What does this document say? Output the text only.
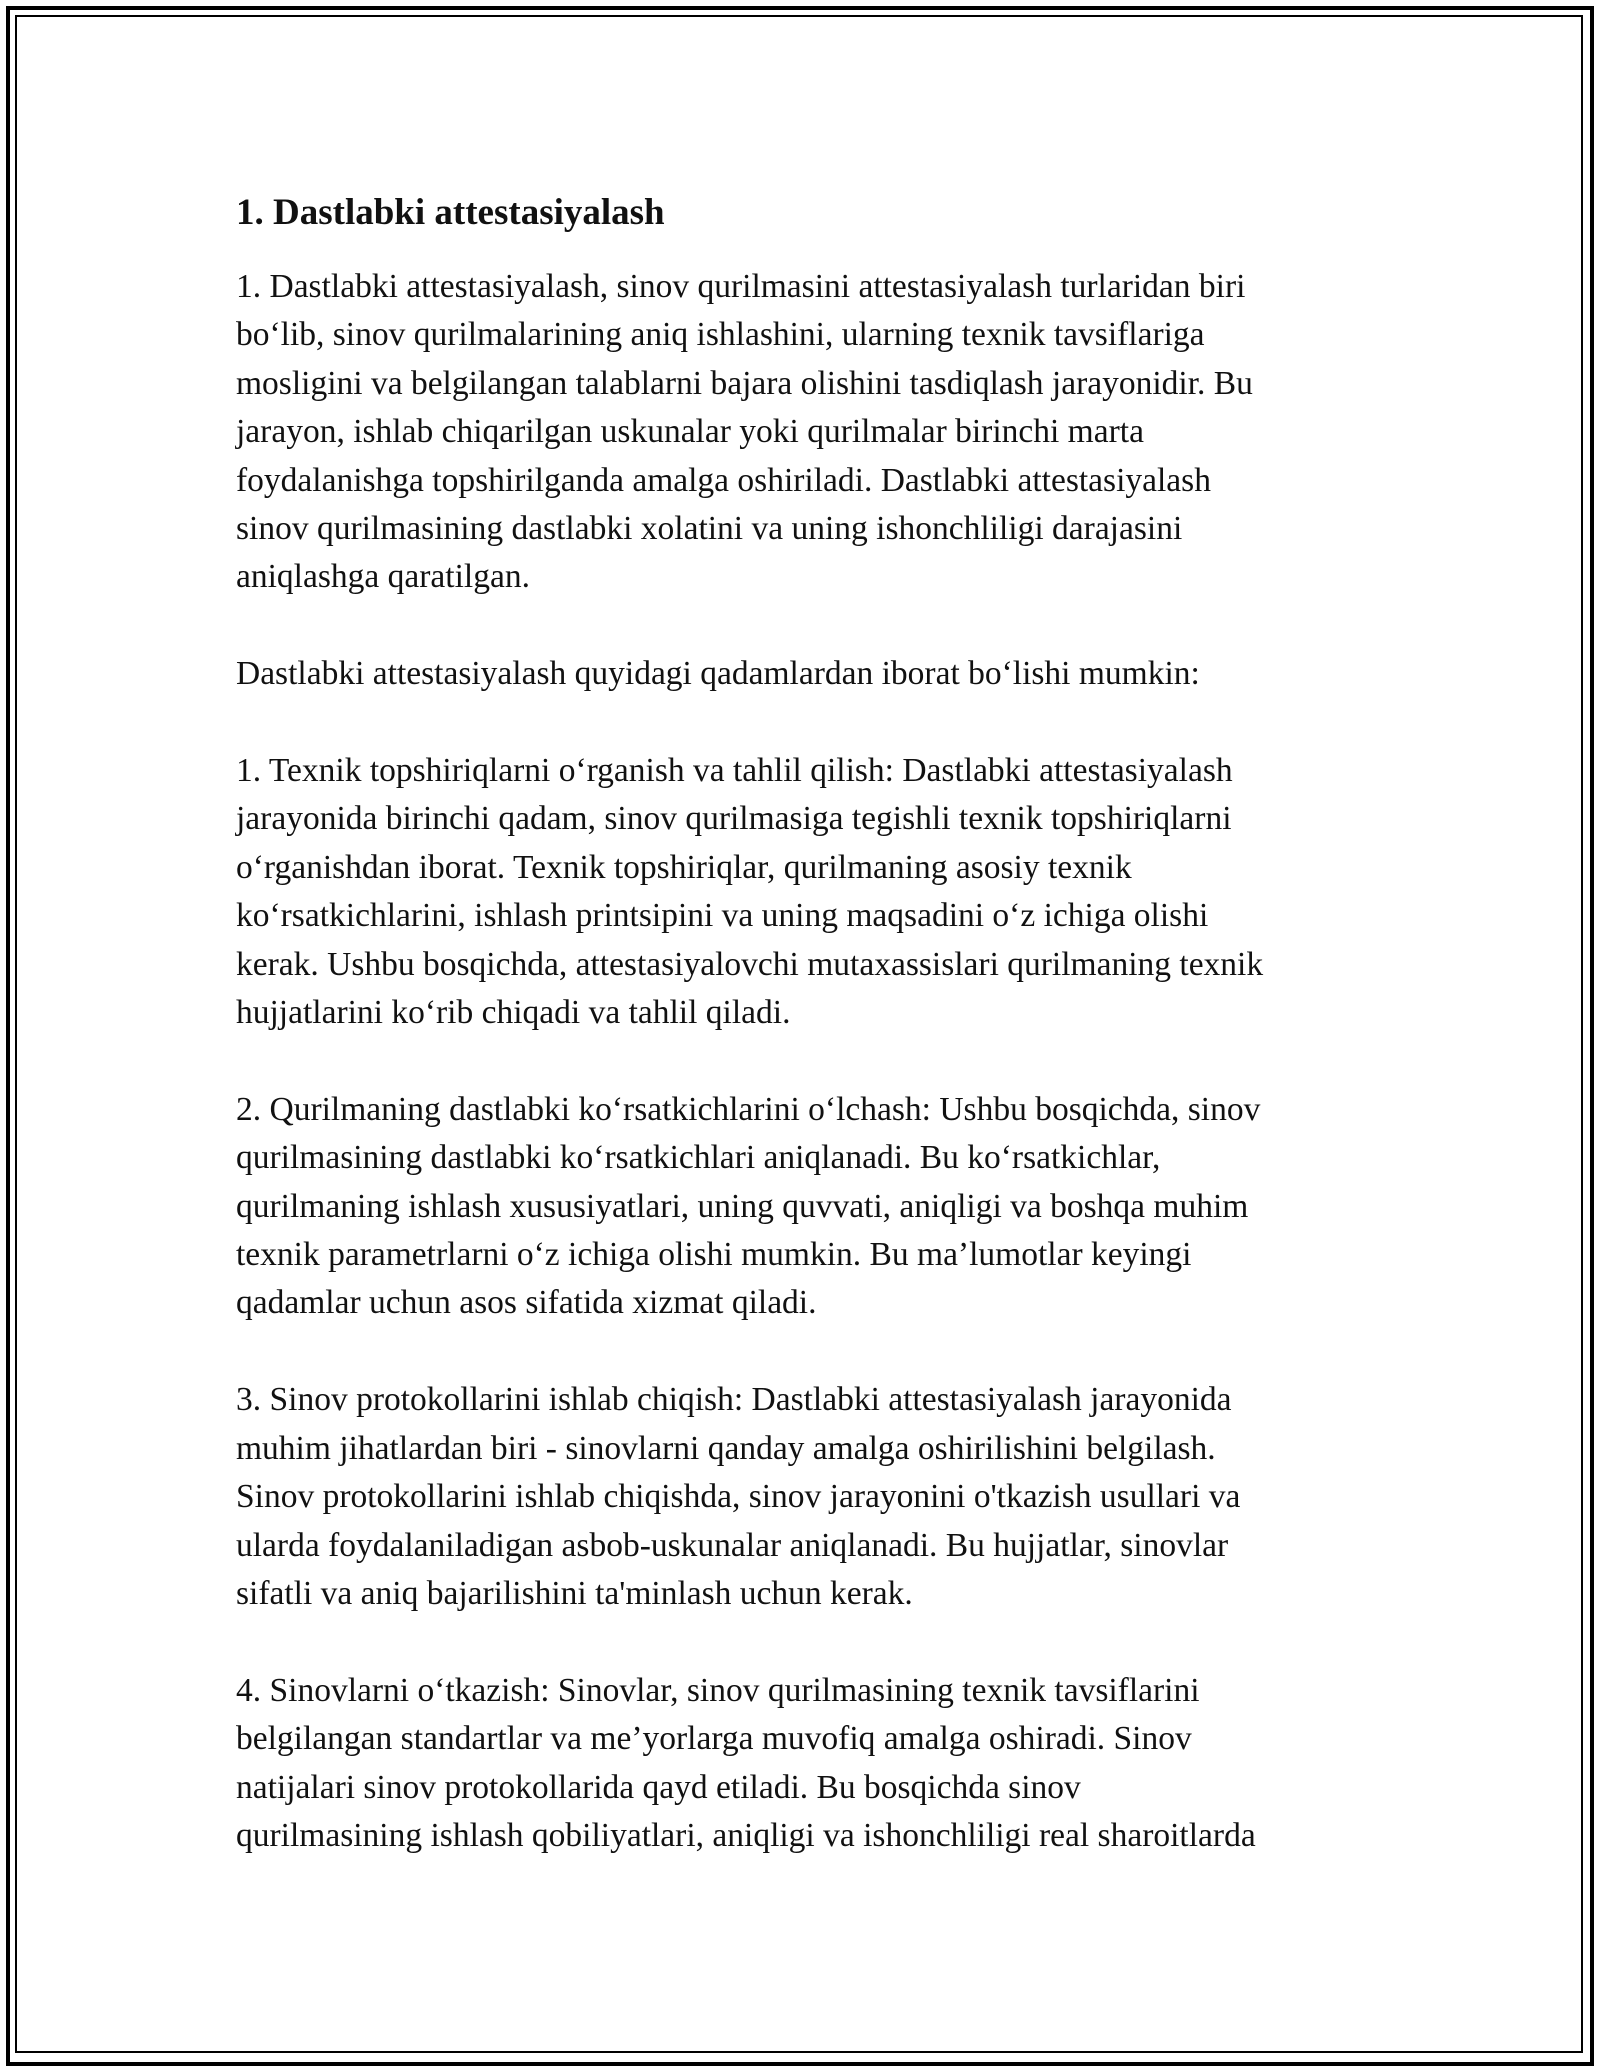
1. Dastlabki attestasiyalash

1. Dastlabki attestasiyalash, sinov qurilmasini attestasiyalash turlaridan biri
bo‘lib, sinov qurilmalarining aniq ishlashini, ularning texnik tavsiflariga
mosligini va belgilangan talablarni bajara olishini tasdiqlash jarayonidir. Bu
jarayon, ishlab chiqarilgan uskunalar yoki qurilmalar birinchi marta
foydalanishga topshirilganda amalga oshiriladi. Dastlabki attestasiyalash
sinov qurilmasining dastlabki xolatini va uning ishonchliligi darajasini
aniqlashga qaratilgan.

Dastlabki attestasiyalash quyidagi qadamlardan iborat bo‘lishi mumkin:

1. Texnik topshiriqlarni o‘rganish va tahlil qilish: Dastlabki attestasiyalash
jarayonida birinchi qadam, sinov qurilmasiga tegishli texnik topshiriqlarni
o‘rganishdan iborat. Texnik topshiriqlar, qurilmaning asosiy texnik
ko‘rsatkichlarini, ishlash printsipini va uning maqsadini o‘z ichiga olishi
kerak. Ushbu bosqichda, attestasiyalovchi mutaxassislari qurilmaning texnik
hujjatlarini ko‘rib chiqadi va tahlil qiladi.

2. Qurilmaning dastlabki ko‘rsatkichlarini o‘lchash: Ushbu bosqichda, sinov
qurilmasining dastlabki ko‘rsatkichlari aniqlanadi. Bu ko‘rsatkichlar,
qurilmaning ishlash xususiyatlari, uning quvvati, aniqligi va boshqa muhim
texnik parametrlarni o‘z ichiga olishi mumkin. Bu ma’lumotlar keyingi
qadamlar uchun asos sifatida xizmat qiladi.

3. Sinov protokollarini ishlab chiqish: Dastlabki attestasiyalash jarayonida
muhim jihatlardan biri - sinovlarni qanday amalga oshirilishini belgilash.
Sinov protokollarini ishlab chiqishda, sinov jarayonini o'tkazish usullari va
ularda foydalaniladigan asbob-uskunalar aniqlanadi. Bu hujjatlar, sinovlar
sifatli va aniq bajarilishini ta'minlash uchun kerak.

4. Sinovlarni o‘tkazish: Sinovlar, sinov qurilmasining texnik tavsiflarini
belgilangan standartlar va me’yorlarga muvofiq amalga oshiradi. Sinov
natijalari sinov protokollarida qayd etiladi. Bu bosqichda sinov
qurilmasining ishlash qobiliyatlari, aniqligi va ishonchliligi real sharoitlarda
